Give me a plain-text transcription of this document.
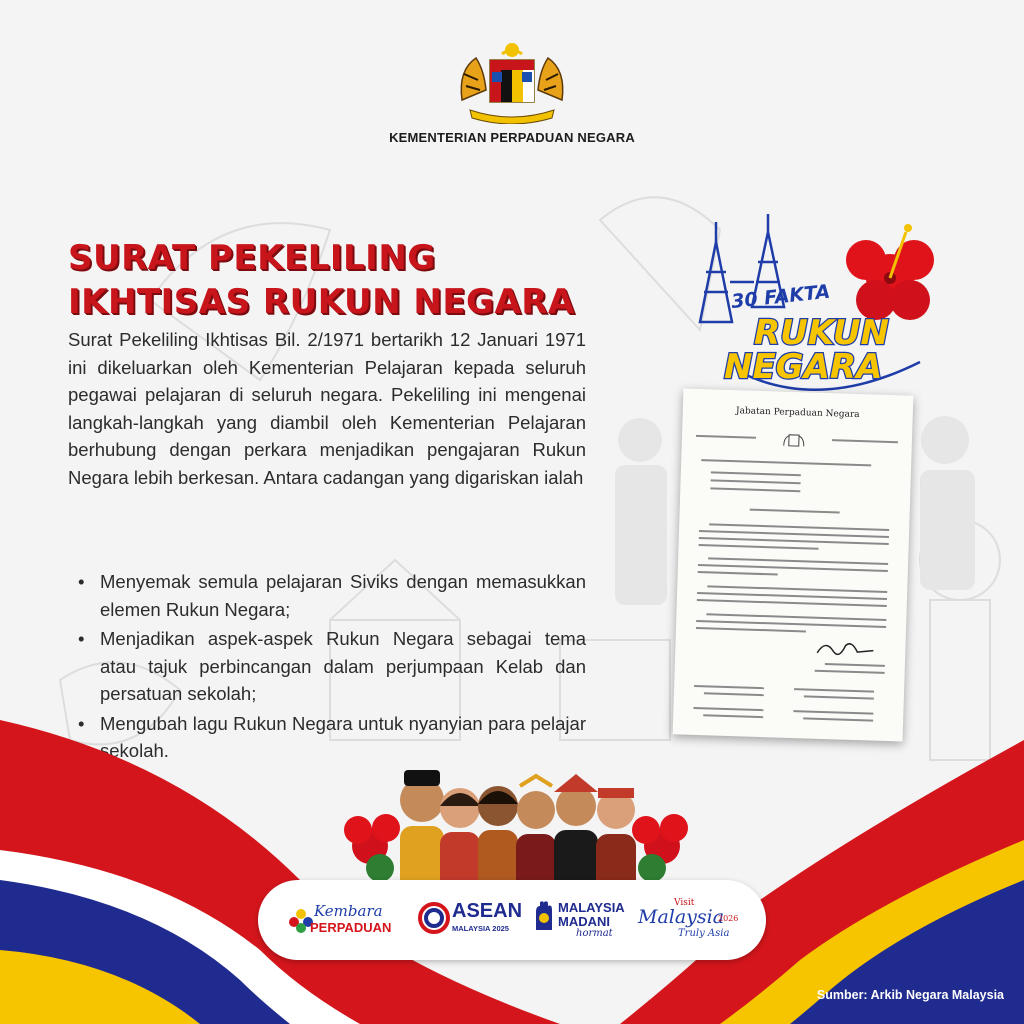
KEMENTERIAN PERPADUAN NEGARA
SURAT PEKELILING
IKHTISAS RUKUN NEGARA
Surat Pekeliling Ikhtisas Bil. 2/1971 bertarikh 12 Januari 1971 ini dikeluarkan oleh Kementerian Pelajaran kepada seluruh pegawai pelajaran di seluruh negara. Pekeliling ini mengenai langkah-langkah yang diambil oleh Kementerian Pelajaran berhubung dengan perkara menjadikan pengajaran Rukun Negara lebih berkesan. Antara cadangan yang digariskan ialah
• Menyemak semula pelajaran Siviks dengan memasukkan elemen Rukun Negara;
• Menjadikan aspek-aspek Rukun Negara sebagai tema atau tajuk perbincangan dalam perjumpaan Kelab dan persatuan sekolah;
• Mengubah lagu Rukun Negara untuk nyanyian para pelajar sekolah.
30 FAKTA
RUKUN
NEGARA
Jabatan Perpaduan Negara
Kembara
PERPADUAN
ASEAN
MALAYSIA 2025
MALAYSIA
MADANI
hormat
Visit
Malaysia
2026
Truly Asia
Sumber: Arkib Negara Malaysia
